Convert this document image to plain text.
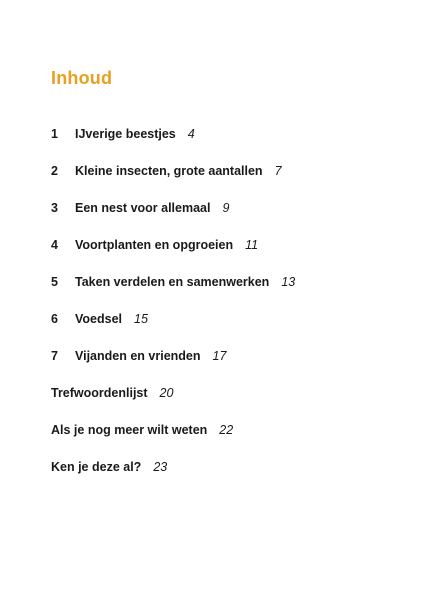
Inhoud
1 IJverige beestjes 4
2 Kleine insecten, grote aantallen 7
3 Een nest voor allemaal 9
4 Voortplanten en opgroeien 11
5 Taken verdelen en samenwerken 13
6 Voedsel 15
7 Vijanden en vrienden 17
Trefwoordenlijst 20
Als je nog meer wilt weten 22
Ken je deze al? 23
